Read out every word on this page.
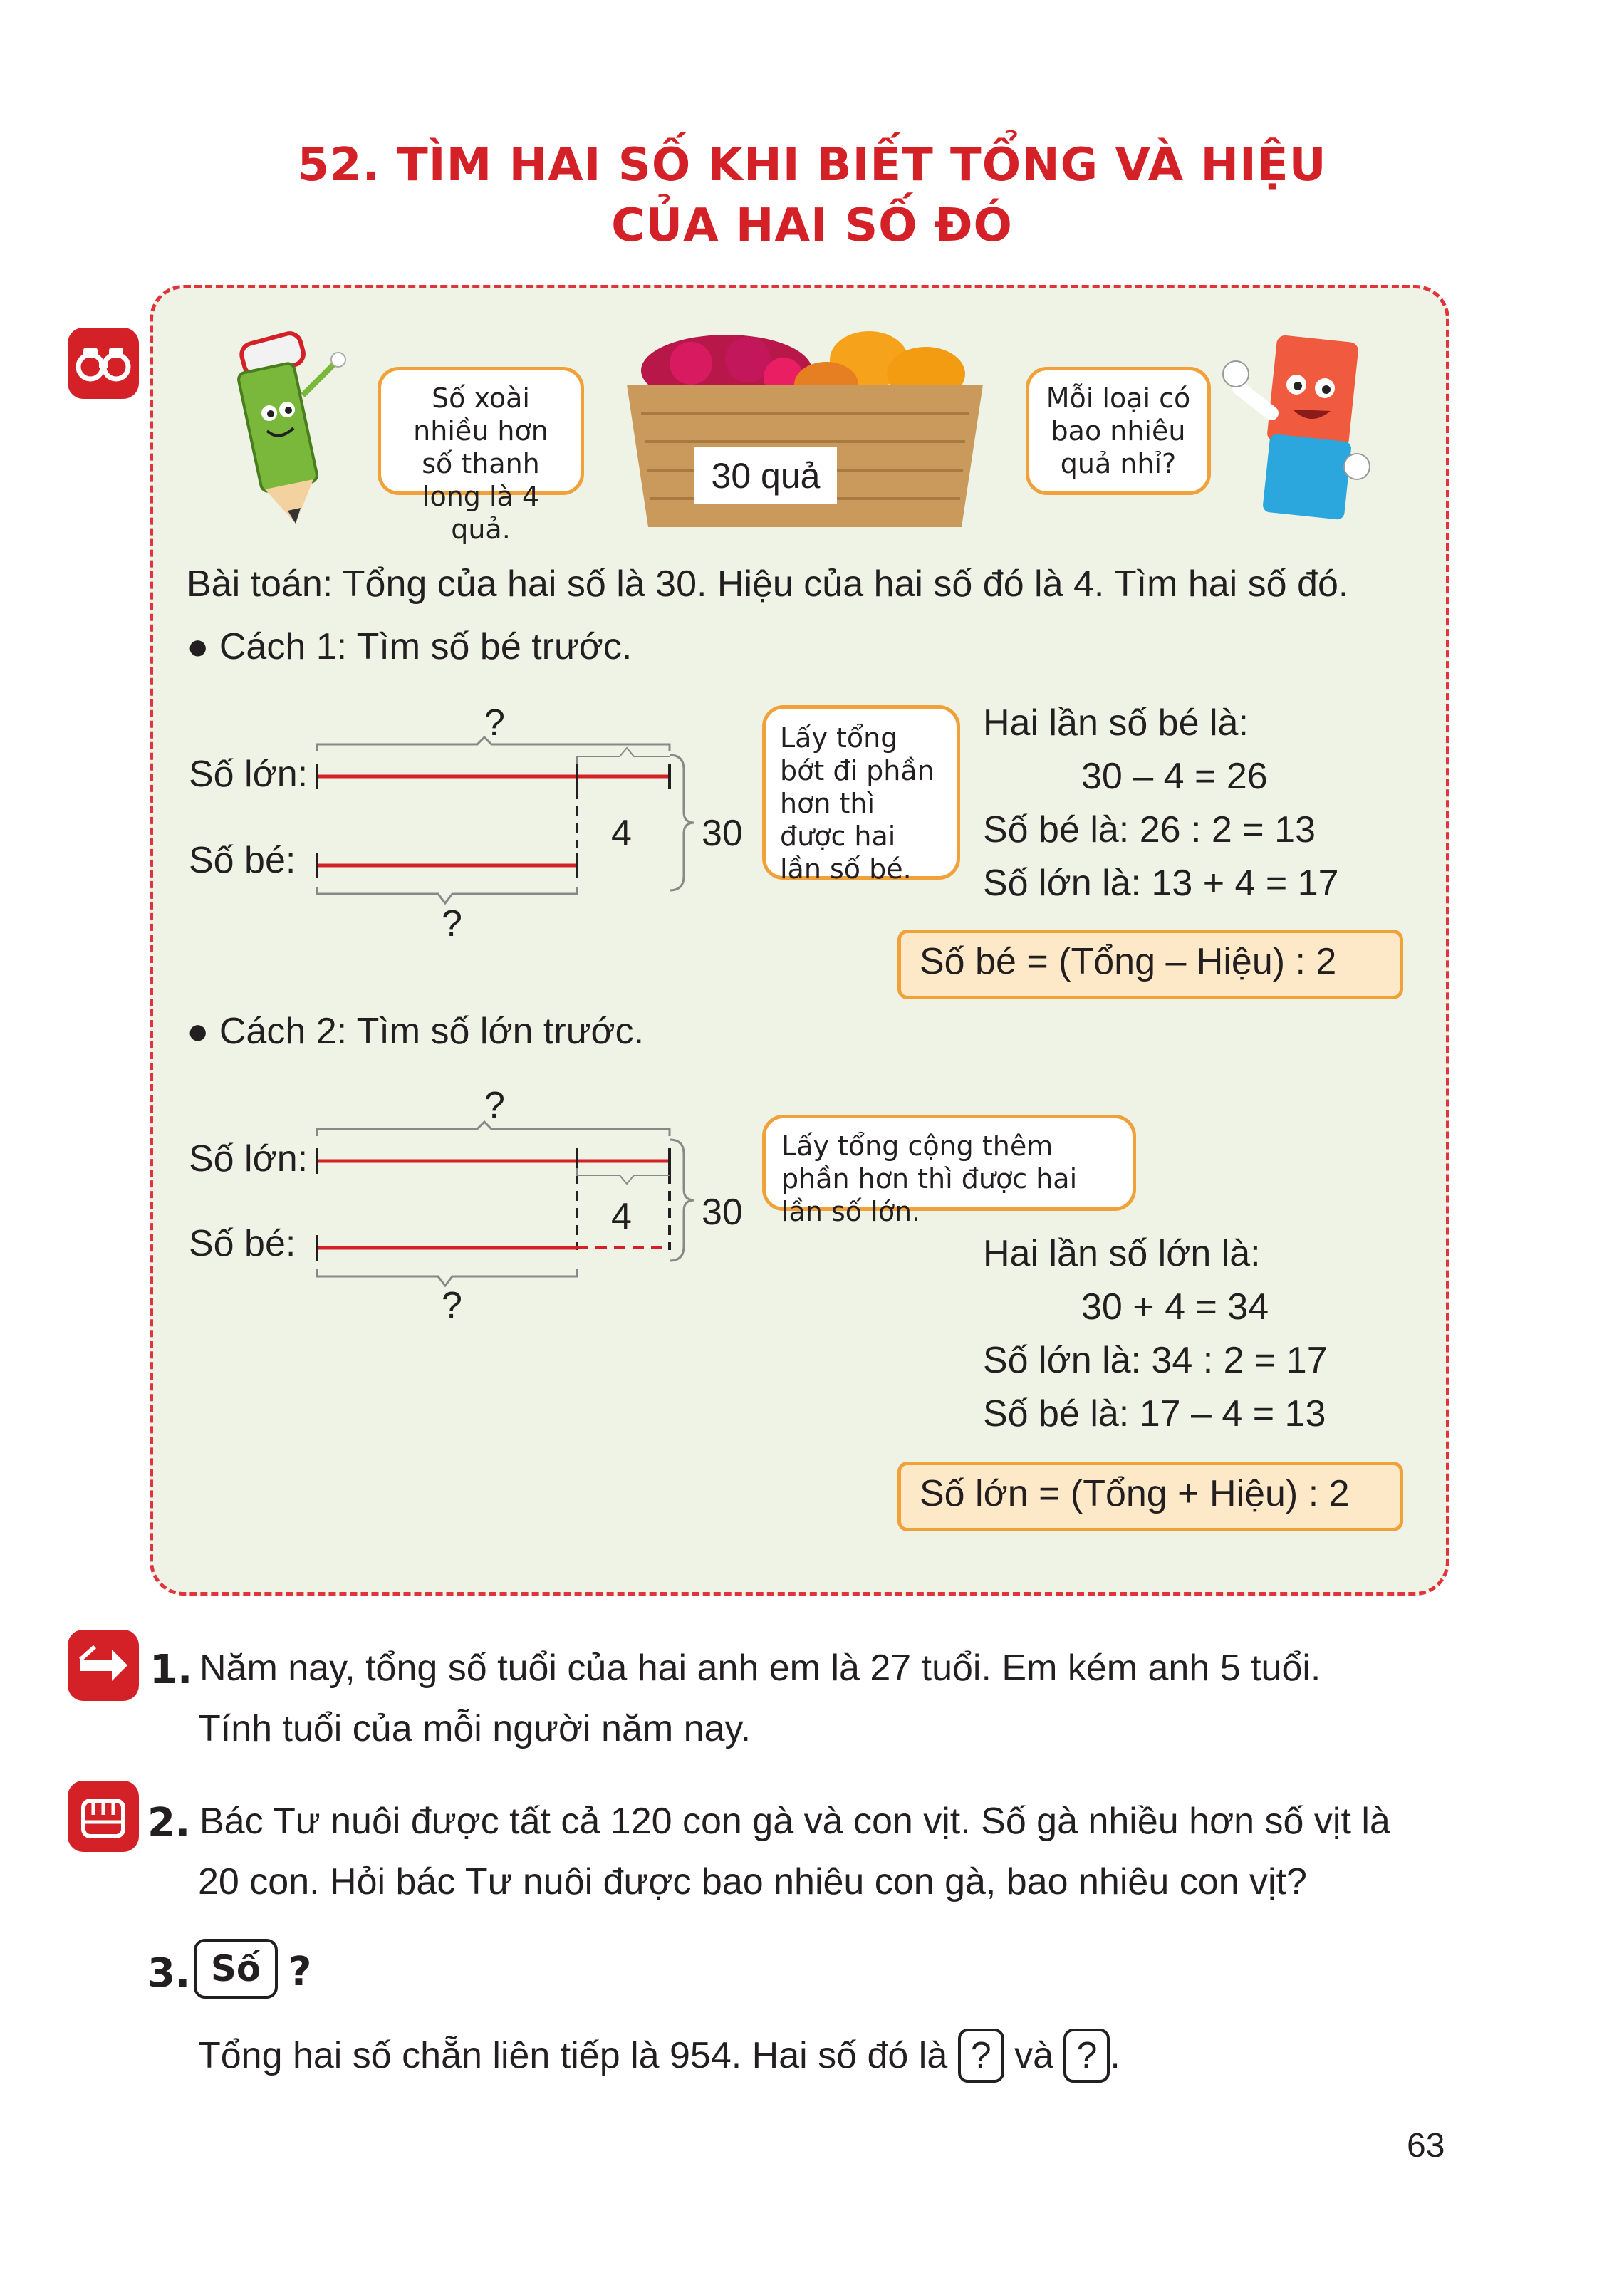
52. TÌM HAI SỐ KHI BIẾT TỔNG VÀ HIỆU
CỦA HAI SỐ ĐÓ
Số xoài nhiều hơn số thanh long là 4 quả.
30 quả
Mỗi loại có bao nhiêu quả nhỉ?
Bài toán: Tổng của hai số là 30. Hiệu của hai số đó là 4. Tìm hai số đó.
● Cách 1: Tìm số bé trước.
Số lớn:
Số bé:
?
?
4 30
Lấy tổng bớt đi phần hơn thì được hai lần số bé.
Hai lần số bé là:
30 – 4 = 26
Số bé là: 26 : 2 = 13
Số lớn là: 13 + 4 = 17
Số bé = (Tổng – Hiệu) : 2
● Cách 2: Tìm số lớn trước.
Số lớn:
Số bé:
?
?
4 30
Lấy tổng cộng thêm phần hơn thì được hai lần số lớn.
Hai lần số lớn là:
30 + 4 = 34
Số lớn là: 34 : 2 = 17
Số bé là: 17 – 4 = 13
Số lớn = (Tổng + Hiệu) : 2
1. Năm nay, tổng số tuổi của hai anh em là 27 tuổi. Em kém anh 5 tuổi.
Tính tuổi của mỗi người năm nay.
2. Bác Tư nuôi được tất cả 120 con gà và con vịt. Số gà nhiều hơn số vịt là
20 con. Hỏi bác Tư nuôi được bao nhiêu con gà, bao nhiêu con vịt?
3. Số ?
Tổng hai số chẵn liên tiếp là 954. Hai số đó là ? và ? .
63
